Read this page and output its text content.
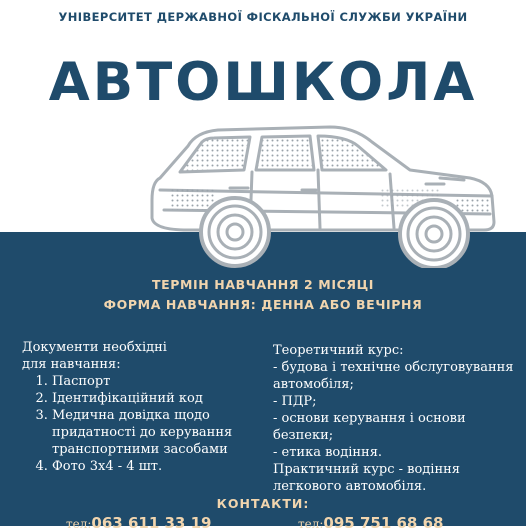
УНІВЕРСИТЕТ ДЕРЖАВНОЇ ФІСКАЛЬНОЇ СЛУЖБИ УКРАЇНИ
АВТОШКОЛА
ТЕРМІН НАВЧАННЯ 2 МІСЯЦІ
ФОРМА НАВЧАННЯ: ДЕННА АБО ВЕЧІРНЯ
Документи необхідні
для навчання:
1. Паспорт
2. Ідентифікаційний код
3. Медична довідка щодо придатності до керування транспортними засобами
4. Фото 3х4 - 4 шт.
Теоретичний курс:
- будова і технічне обслуговування автомобіля;
- ПДР;
- основи керування і основи безпеки;
- етика водіння.
Практичний курс - водіння легкового автомобіля.
КОНТАКТИ:
тел:063 611 33 19	тел:095 751 68 68
